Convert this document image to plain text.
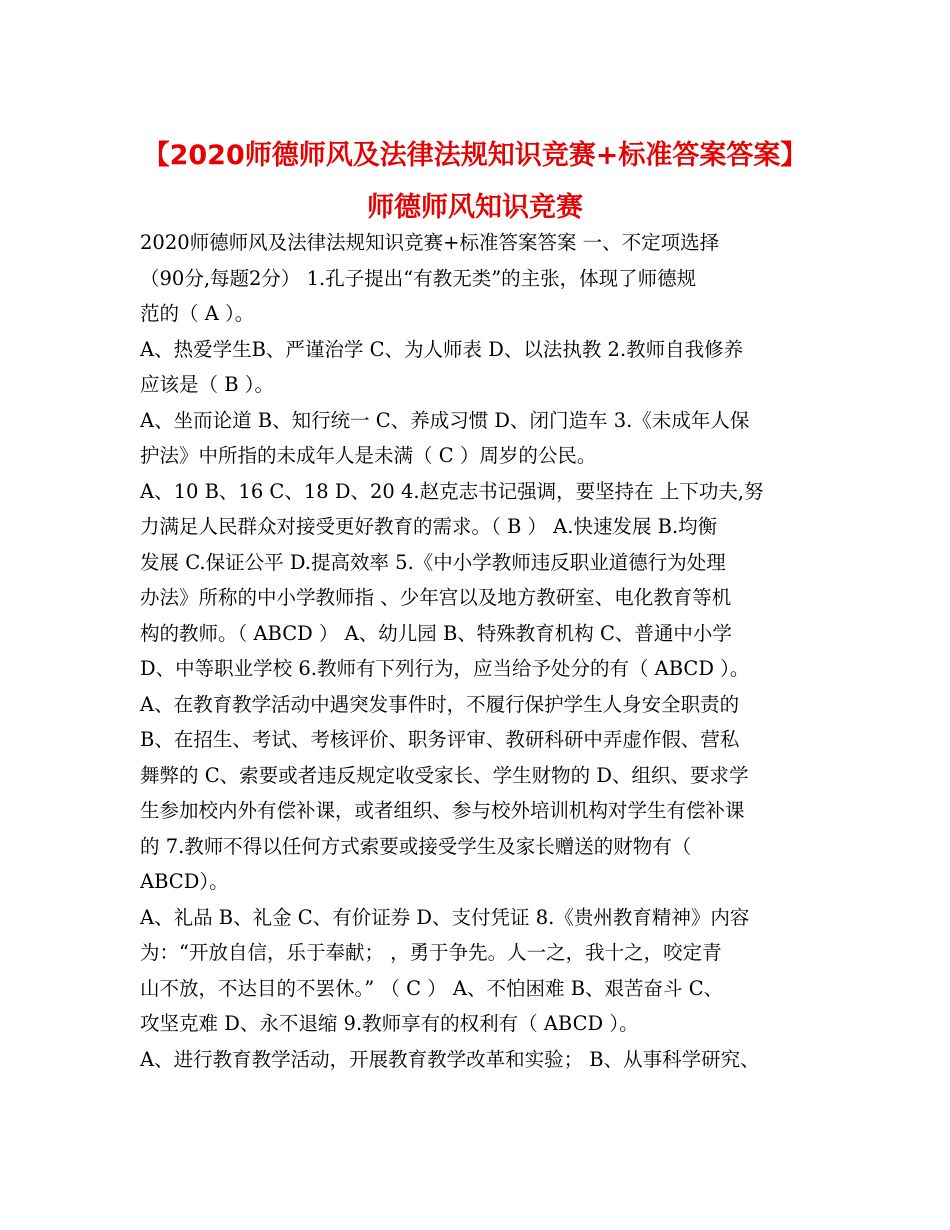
【2020师德师风及法律法规知识竞赛+标准答案答案】
师德师风知识竞赛
2020师德师风及法律法规知识竞赛+标准答案答案 一、不定项选择
（90分,每题2分） 1.孔子提出“有教无类”的主张，体现了师德规
范的（ A ）。
A、热爱学生B、严谨治学 C、为人师表 D、以法执教 2.教师自我修养
应该是（ B ）。
A、坐而论道 B、知行统一 C、养成习惯 D、闭门造车 3.《未成年人保
护法》中所指的未成年人是未满（ C ）周岁的公民。
A、10 B、16 C、18 D、20 4.赵克志书记强调，要坚持在 上下功夫,努
力满足人民群众对接受更好教育的需求。（ B ） A.快速发展 B.均衡
发展 C.保证公平 D.提高效率 5.《中小学教师违反职业道德行为处理
办法》所称的中小学教师指 、少年宫以及地方教研室、电化教育等机
构的教师。（ ABCD ） A、幼儿园 B、特殊教育机构 C、普通中小学
D、中等职业学校 6.教师有下列行为，应当给予处分的有（ ABCD ）。
A、在教育教学活动中遇突发事件时，不履行保护学生人身安全职责的
B、在招生、考试、考核评价、职务评审、教研科研中弄虚作假、营私
舞弊的 C、索要或者违反规定收受家长、学生财物的 D、组织、要求学
生参加校内外有偿补课，或者组织、参与校外培训机构对学生有偿补课
的 7.教师不得以任何方式索要或接受学生及家长赠送的财物有（
ABCD）。
A、礼品 B、礼金 C、有价证券 D、支付凭证 8.《贵州教育精神》内容
为：“开放自信，乐于奉献； ，勇于争先。人一之，我十之，咬定青
山不放，不达目的不罢休。” （ C ） A、不怕困难 B、艰苦奋斗 C、
攻坚克难 D、永不退缩 9.教师享有的权利有（ ABCD ）。
A、进行教育教学活动，开展教育教学改革和实验； B、从事科学研究、
